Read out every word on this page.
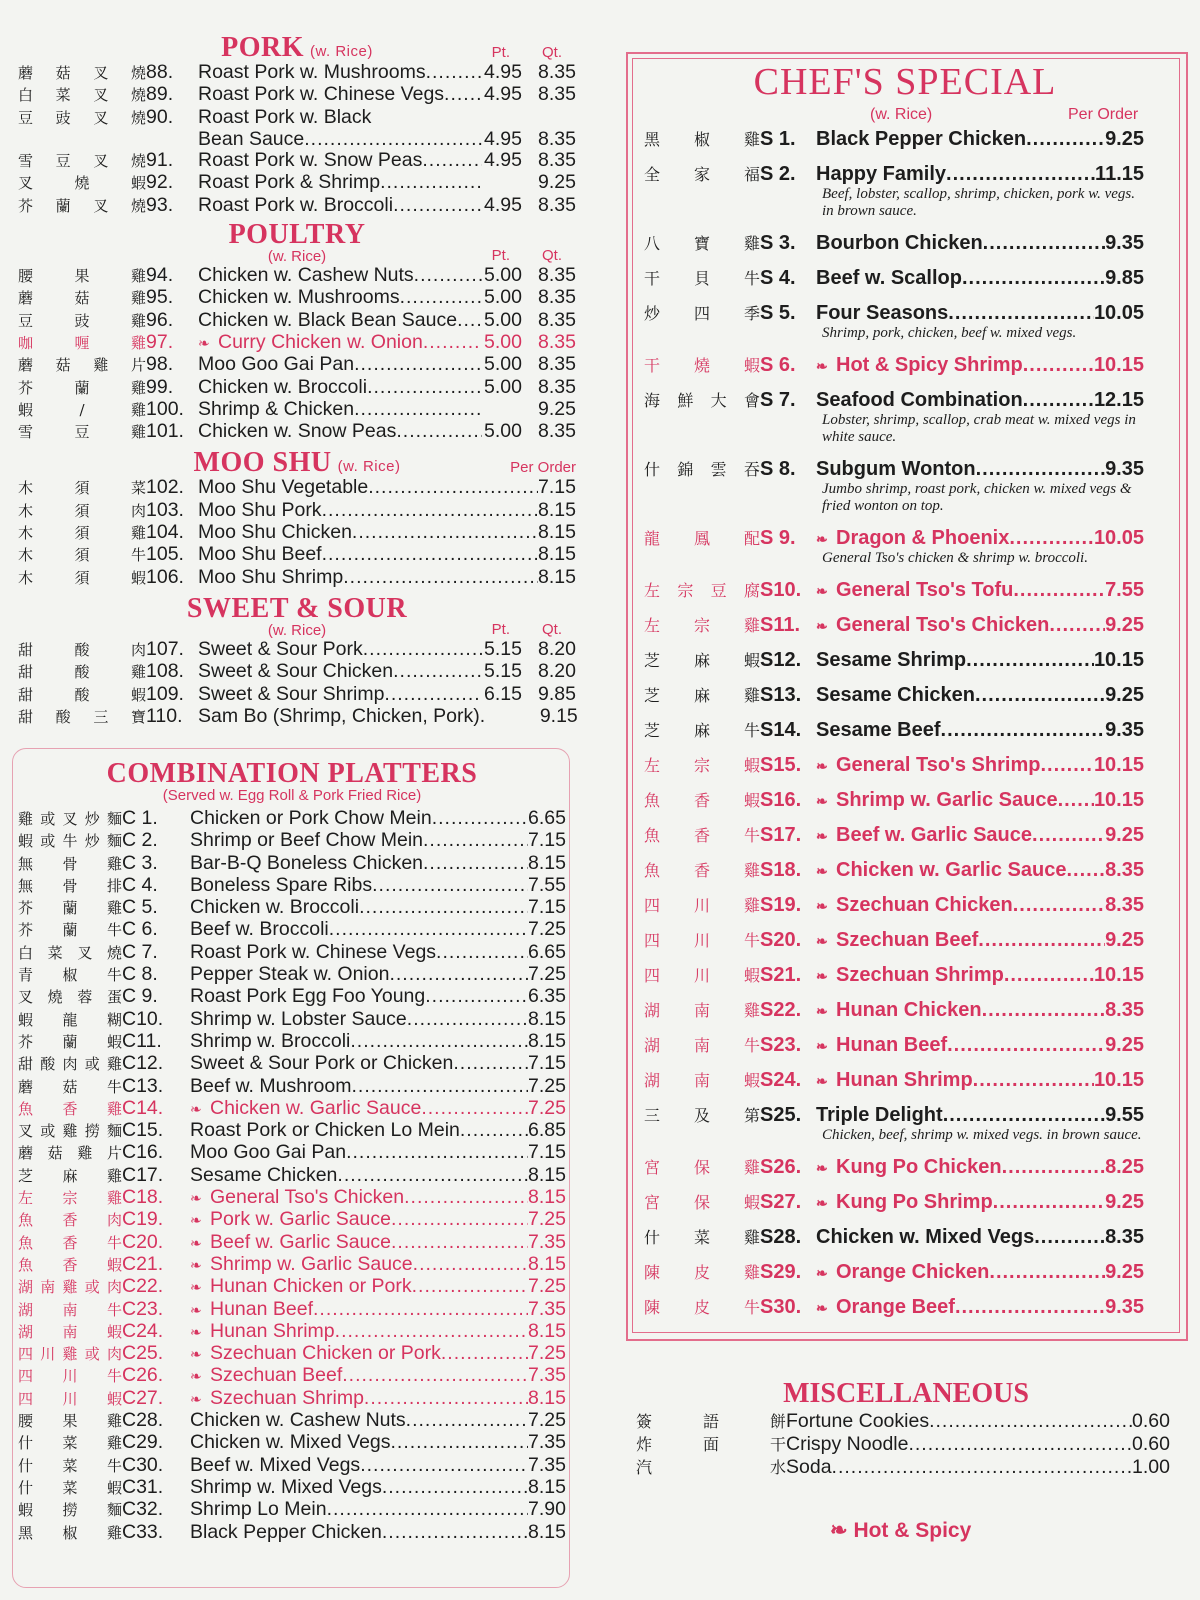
PORK (w. Rice)	Pt. Qt.
蘑 菇 叉 燒 88.	Roast Pork w. Mushrooms .....	4.95 8.35
白 菜 叉 燒 89.	Roast Pork w. Chinese Vegs ..... 4.95 8.35
豆 豉 叉 燒 90.	Roast Pork w. Black
Bean Sauce .....	4.95 8.35
雪 豆 叉 燒 91.	Roast Pork w. Snow Peas .....	4.95 8.35
叉	燒	蝦 92.	Roast Pork & Shrimp .....	9.25
芥 蘭 叉 燒 93.	Roast Pork w. Broccoli .....	4.95 8.35
POULTRY
(w. Rice)	Pt. Qt.
腰	果	雞 94.	Chicken w. Cashew Nuts .....	5.00 8.35
蘑	菇	雞 95.	Chicken w. Mushrooms .....	5.00 8.35
豆	豉	雞 96.	Chicken w. Black Bean Sauce ..... 5.00 8.35
咖	喱	雞 97.	❧ Curry Chicken w. Onion .....	5.00 8.35
蘑 菇 雞 片 98.	Moo Goo Gai Pan .....	5.00 8.35
芥	蘭	雞 99.	Chicken w. Broccoli .....	5.00 8.35
蝦	/	雞 100. Shrimp & Chicken .....	9.25
雪	豆	雞 101. Chicken w. Snow Peas .....	5.00 8.35
MOO SHU (w. Rice)	Per Order
木	須	菜 102. Moo Shu Vegetable .....	7.15
木	須	肉 103. Moo Shu Pork .....	8.15
木	須	雞 104. Moo Shu Chicken .....	8.15
木	須	牛 105. Moo Shu Beef .....	8.15
木	須	蝦 106. Moo Shu Shrimp .....	8.15
SWEET & SOUR
(w. Rice)	Pt. Qt.
甜	酸	肉 107. Sweet & Sour Pork .....	5.15 8.20
甜	酸	雞 108. Sweet & Sour Chicken .....	5.15 8.20
甜	酸	蝦 109. Sweet & Sour Shrimp .....	6.15 9.85
甜 酸 三 寶 110. Sam Bo (Shrimp, Chicken, Pork) .....	9.15
COMBINATION PLATTERS
(Served w. Egg Roll & Pork Fried Rice)
雞 或 叉 炒 麵 C 1.	Chicken or Pork Chow Mein .....	6.65
蝦 或 牛 炒 麵 C 2.	Shrimp or Beef Chow Mein .....	7.15
無 骨 雞 C 3.	Bar-B-Q Boneless Chicken .....	8.15
無 骨 排 C 4.	Boneless Spare Ribs .....	7.55
芥 蘭 雞 C 5.	Chicken w. Broccoli .....	7.15
芥 蘭 牛 C 6.	Beef w. Broccoli .....	7.25
白 菜 叉 燒 C 7.	Roast Pork w. Chinese Vegs .....	6.65
青 椒 牛 C 8.	Pepper Steak w. Onion .....	7.25
叉 燒 蓉 蛋 C 9.	Roast Pork Egg Foo Young .....	6.35
蝦 龍 糊 C10.	Shrimp w. Lobster Sauce .....	8.15
芥 蘭 蝦 C11.	Shrimp w. Broccoli .....	8.15
甜 酸 肉 或 雞 C12.	Sweet & Sour Pork or Chicken .....	7.15
蘑 菇 牛 C13.	Beef w. Mushroom .....	7.25
魚 香 雞 C14.	❧ Chicken w. Garlic Sauce .....	7.25
叉 或 雞 撈 麵 C15.	Roast Pork or Chicken Lo Mein .....	6.85
蘑 菇 雞 片 C16.	Moo Goo Gai Pan .....	7.15
芝 麻 雞 C17.	Sesame Chicken .....	8.15
左 宗 雞 C18.	❧ General Tso's Chicken .....	8.15
魚 香 肉 C19.	❧ Pork w. Garlic Sauce .....	7.25
魚 香 牛 C20.	❧ Beef w. Garlic Sauce .....	7.35
魚 香 蝦 C21.	❧ Shrimp w. Garlic Sauce .....	8.15
湖 南 雞 或 肉 C22.	❧ Hunan Chicken or Pork .....	7.25
湖 南 牛 C23.	❧ Hunan Beef .....	7.35
湖 南 蝦 C24.	❧ Hunan Shrimp .....	8.15
四 川 雞 或 肉 C25.	❧ Szechuan Chicken or Pork .....	7.25
四 川 牛 C26.	❧ Szechuan Beef .....	7.35
四 川 蝦 C27.	❧ Szechuan Shrimp .....	8.15
腰 果 雞 C28.	Chicken w. Cashew Nuts .....	7.25
什 菜 雞 C29.	Chicken w. Mixed Vegs .....	7.35
什 菜 牛 C30.	Beef w. Mixed Vegs .....	7.35
什 菜 蝦 C31.	Shrimp w. Mixed Vegs .....	8.15
蝦 撈 麵 C32.	Shrimp Lo Mein .....	7.90
黑 椒 雞 C33.	Black Pepper Chicken .....	8.15
CHEF'S SPECIAL
(w. Rice)	Per Order
黑 椒 雞 S 1.	Black Pepper Chicken .....	9.25
全 家 福 S 2.	Happy Family .....	11.15
Beef, lobster, scallop, shrimp, chicken, pork w. vegs. in brown sauce.
八 寶 雞 S 3.	Bourbon Chicken .....	9.35
干 貝 牛 S 4.	Beef w. Scallop .....	9.85
炒 四 季 S 5.	Four Seasons .....	10.05
Shrimp, pork, chicken, beef w. mixed vegs.
干 燒 蝦 S 6.	❧ Hot & Spicy Shrimp .....	10.15
海 鮮 大 會 S 7.	Seafood Combination .....	12.15
Lobster, shrimp, scallop, crab meat w. mixed vegs in white sauce.
什 錦 雲 吞 S 8.	Subgum Wonton .....	9.35
Jumbo shrimp, roast pork, chicken w. mixed vegs & fried wonton on top.
龍 鳳 配 S 9.	❧ Dragon & Phoenix .....	10.05
General Tso's chicken & shrimp w. broccoli.
左 宗 豆 腐 S10.	❧ General Tso's Tofu .....	7.55
左 宗 雞 S11.	❧ General Tso's Chicken .....	9.25
芝 麻 蝦 S12. Sesame Shrimp .....	10.15
芝 麻 雞 S13. Sesame Chicken .....	9.25
芝 麻 牛 S14. Sesame Beef .....	9.35
左 宗 蝦 S15.	❧ General Tso's Shrimp .....	10.15
魚 香 蝦 S16.	❧ Shrimp w. Garlic Sauce ..... 10.15
魚 香 牛 S17.	❧ Beef w. Garlic Sauce .....	9.25
魚 香 雞 S18.	❧ Chicken w. Garlic Sauce ..... 8.35
四 川 雞 S19.	❧ Szechuan Chicken .....	8.35
四 川 牛 S20.	❧ Szechuan Beef .....	9.25
四 川 蝦 S21.	❧ Szechuan Shrimp .....	10.15
湖 南 雞 S22.	❧ Hunan Chicken .....	8.35
湖 南 牛 S23.	❧ Hunan Beef .....	9.25
湖 南 蝦 S24.	❧ Hunan Shrimp .....	10.15
三 及 第 S25. Triple Delight .....	9.55
Chicken, beef, shrimp w. mixed vegs. in brown sauce.
宮 保 雞 S26.	❧ Kung Po Chicken .....	8.25
宮 保 蝦 S27.	❧ Kung Po Shrimp .....	9.25
什 菜 雞 S28. Chicken w. Mixed Vegs .....	8.35
陳 皮 雞 S29.	❧ Orange Chicken .....	9.25
陳 皮 牛 S30.	❧ Orange Beef .....	9.35
MISCELLANEOUS
簽	語	餅 Fortune Cookies .....	0.60
炸	面	干 Crispy Noodle .....	0.60
汽	水 Soda .....	1.00
❧ Hot & Spicy
